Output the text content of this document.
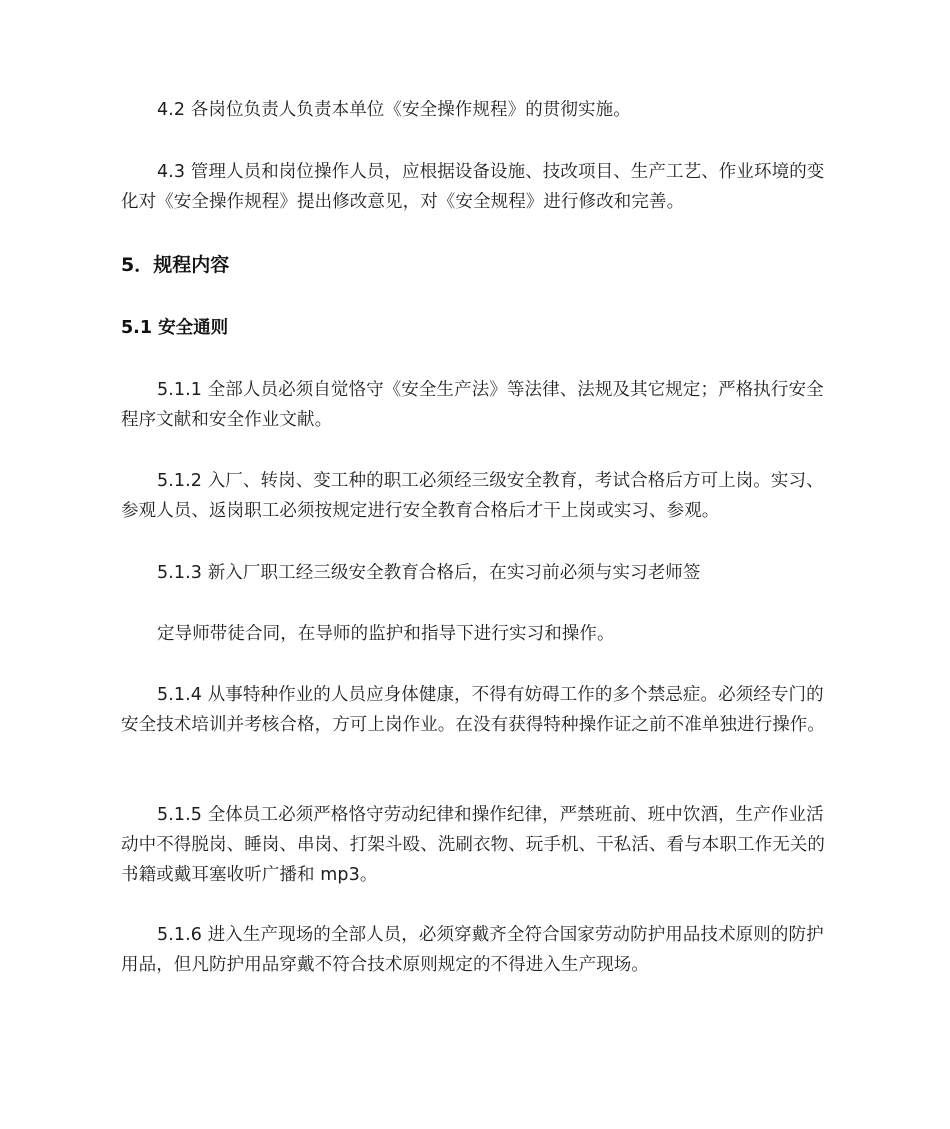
4.2 各岗位负责人负责本单位《安全操作规程》的贯彻实施。

4.3 管理人员和岗位操作人员，应根据设备设施、技改项目、生产工艺、作业环境的变化对《安全操作规程》提出修改意见，对《安全规程》进行修改和完善。

5．规程内容
5.1 安全通则

5.1.1 全部人员必须自觉恪守《安全生产法》等法律、法规及其它规定；严格执行安全程序文献和安全作业文献。

5.1.2 入厂、转岗、变工种的职工必须经三级安全教育，考试合格后方可上岗。实习、参观人员、返岗职工必须按规定进行安全教育合格后才干上岗或实习、参观。

5.1.3 新入厂职工经三级安全教育合格后，在实习前必须与实习老师签

定导师带徒合同，在导师的监护和指导下进行实习和操作。

5.1.4 从事特种作业的人员应身体健康，不得有妨碍工作的多个禁忌症。必须经专门的安全技术培训并考核合格，方可上岗作业。在没有获得特种操作证之前不准单独进行操作。

5.1.5 全体员工必须严格恪守劳动纪律和操作纪律，严禁班前、班中饮酒，生产作业活动中不得脱岗、睡岗、串岗、打架斗殴、洗刷衣物、玩手机、干私活、看与本职工作无关的书籍或戴耳塞收听广播和 mp3。

5.1.6 进入生产现场的全部人员，必须穿戴齐全符合国家劳动防护用品技术原则的防护用品，但凡防护用品穿戴不符合技术原则规定的不得进入生产现场。
